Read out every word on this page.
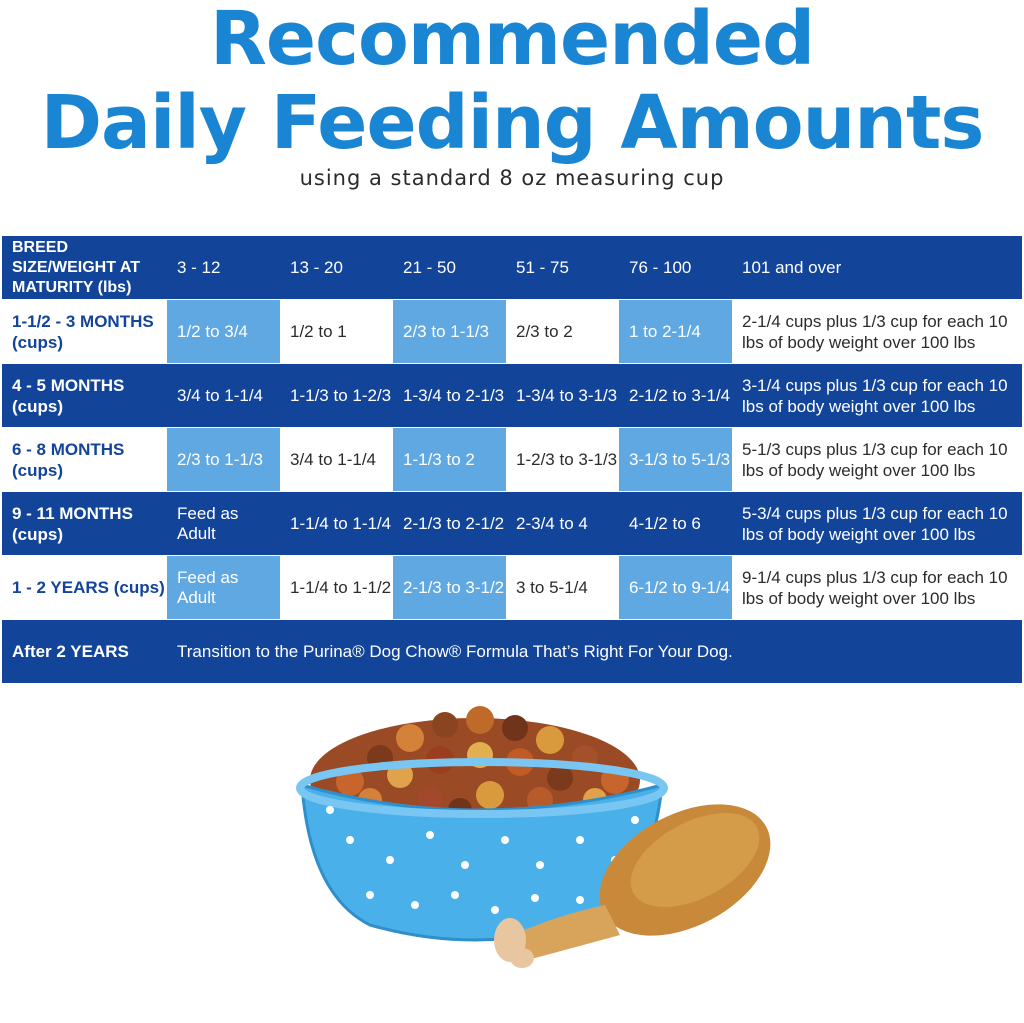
Recommended
Daily Feeding Amounts
using a standard 8 oz measuring cup
BREED SIZE/WEIGHT AT MATURITY (lbs)	3 - 12	13 - 20	21 - 50	51 - 75	76 - 100	101 and over
1-1/2 - 3 MONTHS (cups)	1/2 to 3/4	1/2 to 1	2/3 to 1-1/3	2/3 to 2	1 to 2-1/4	2-1/4 cups plus 1/3 cup for each 10 lbs of body weight over 100 lbs
4 - 5 MONTHS (cups)	3/4 to 1-1/4	1-1/3 to 1-2/3	1-3/4 to 2-1/3	1-3/4 to 3-1/3	2-1/2 to 3-1/4	3-1/4 cups plus 1/3 cup for each 10 lbs of body weight over 100 lbs
6 - 8 MONTHS (cups)	2/3 to 1-1/3	3/4 to 1-1/4	1-1/3 to 2	1-2/3 to 3-1/3	3-1/3 to 5-1/3	5-1/3 cups plus 1/3 cup for each 10 lbs of body weight over 100 lbs
9 - 11 MONTHS (cups)	Feed as Adult	1-1/4 to 1-1/4	2-1/3 to 2-1/2	2-3/4 to 4	4-1/2 to 6	5-3/4 cups plus 1/3 cup for each 10 lbs of body weight over 100 lbs
1 - 2 YEARS (cups)	Feed as Adult	1-1/4 to 1-1/2	2-1/3 to 3-1/2	3 to 5-1/4	6-1/2 to 9-1/4	9-1/4 cups plus 1/3 cup for each 10 lbs of body weight over 100 lbs
After 2 YEARS	Transition to the Purina® Dog Chow® Formula That’s Right For Your Dog.					
